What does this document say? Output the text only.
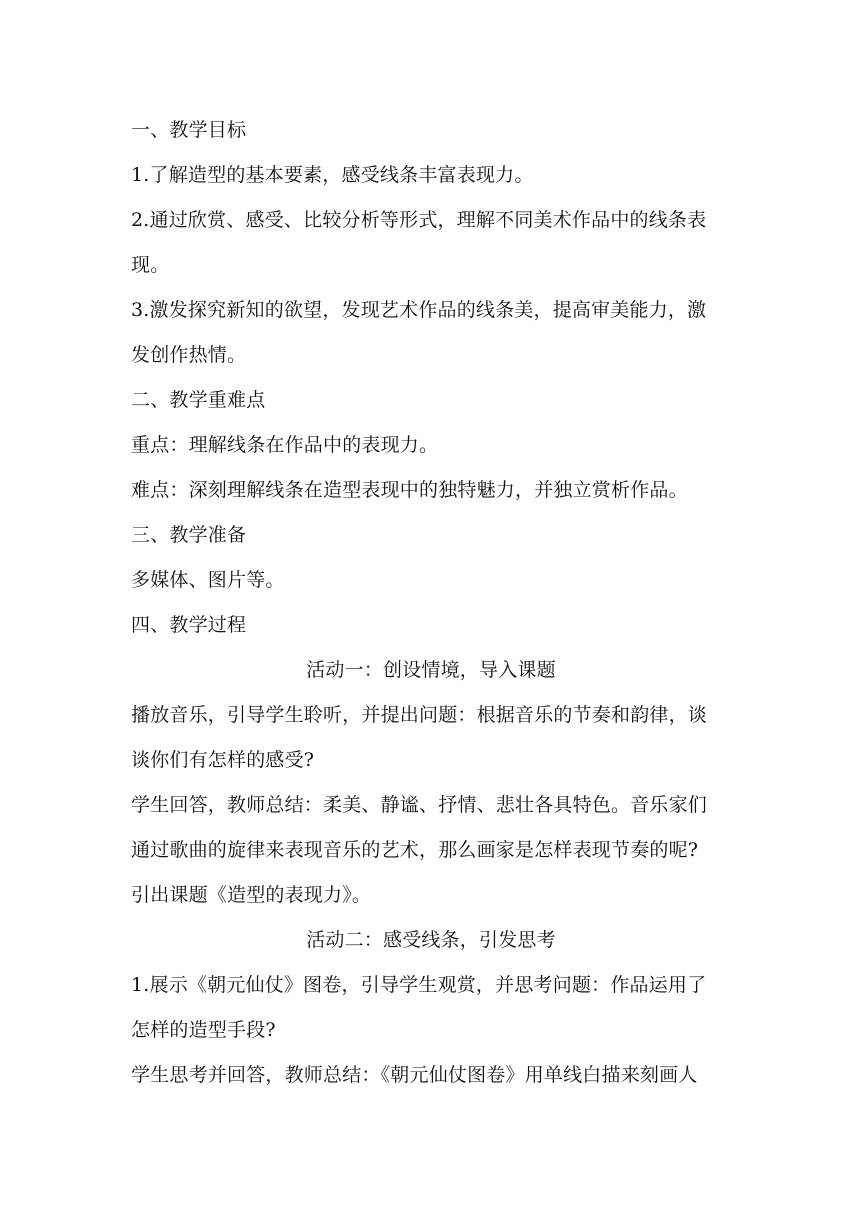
一、教学目标
1.了解造型的基本要素，感受线条丰富表现力。
2.通过欣赏、感受、比较分析等形式，理解不同美术作品中的线条表
现。
3.激发探究新知的欲望，发现艺术作品的线条美，提高审美能力，激
发创作热情。
二、教学重难点
重点：理解线条在作品中的表现力。
难点：深刻理解线条在造型表现中的独特魅力，并独立赏析作品。
三、教学准备
多媒体、图片等。
四、教学过程
活动一：创设情境，导入课题
播放音乐，引导学生聆听，并提出问题：根据音乐的节奏和韵律，谈
谈你们有怎样的感受?
学生回答，教师总结：柔美、静谧、抒情、悲壮各具特色。音乐家们
通过歌曲的旋律来表现音乐的艺术，那么画家是怎样表现节奏的呢?
引出课题《造型的表现力》。
活动二：感受线条，引发思考
1.展示《朝元仙仗》图卷，引导学生观赏，并思考问题：作品运用了
怎样的造型手段?
学生思考并回答，教师总结：《朝元仙仗图卷》用单线白描来刻画人
